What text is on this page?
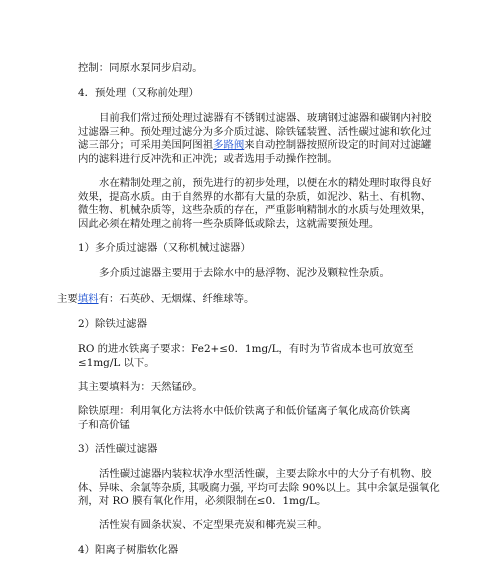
控制：同原水泵同步启动。
4．预处理（又称前处理）
目前我们常过预处理过滤器有不锈钢过滤器、玻璃钢过滤器和碳钢内衬胶
过滤器三种。预处理过滤分为多介质过滤、除铁锰装置、活性碳过滤和软化过
滤三部分；可采用美国阿图祖多路阀来自动控制器按照所设定的时间对过滤罐
内的滤料进行反冲洗和正冲洗；或者选用手动操作控制。
水在精制处理之前，预先进行的初步处理，以便在水的精处理时取得良好
效果，提高水质。由于自然界的水都有大量的杂质，如泥沙、粘土、有机物、
微生物、机械杂质等，这些杂质的存在，严重影响精制水的水质与处理效果，
因此必须在精处理之前将一些杂质降低或除去，这就需要预处理。
1）多介质过滤器（又称机械过滤器）
多介质过滤器主要用于去除水中的悬浮物、泥沙及颗粒性杂质。
主要填料有：石英砂、无烟煤、纤维球等。
2）除铁过滤器
RO 的进水铁离子要求：Fe2+≤0．1mg/L，有时为节省成本也可放宽至
≤1mg/L 以下。
其主要填料为：天然锰砂。
除铁原理：利用氧化方法将水中低价铁离子和低价锰离子氧化成高价铁离
子和高价锰
3）活性碳过滤器
活性碳过滤器内装粒状净水型活性碳，主要去除水中的大分子有机物、胶
体、异味、余氯等杂质, 其吸腐力强, 平均可去除 90%以上。其中余氯是强氧化
剂，对 RO 膜有氧化作用，必须限制在≤0．1mg/L。
活性炭有圆条状炭、不定型果壳炭和椰壳炭三种。
4）阳离子树脂软化器
